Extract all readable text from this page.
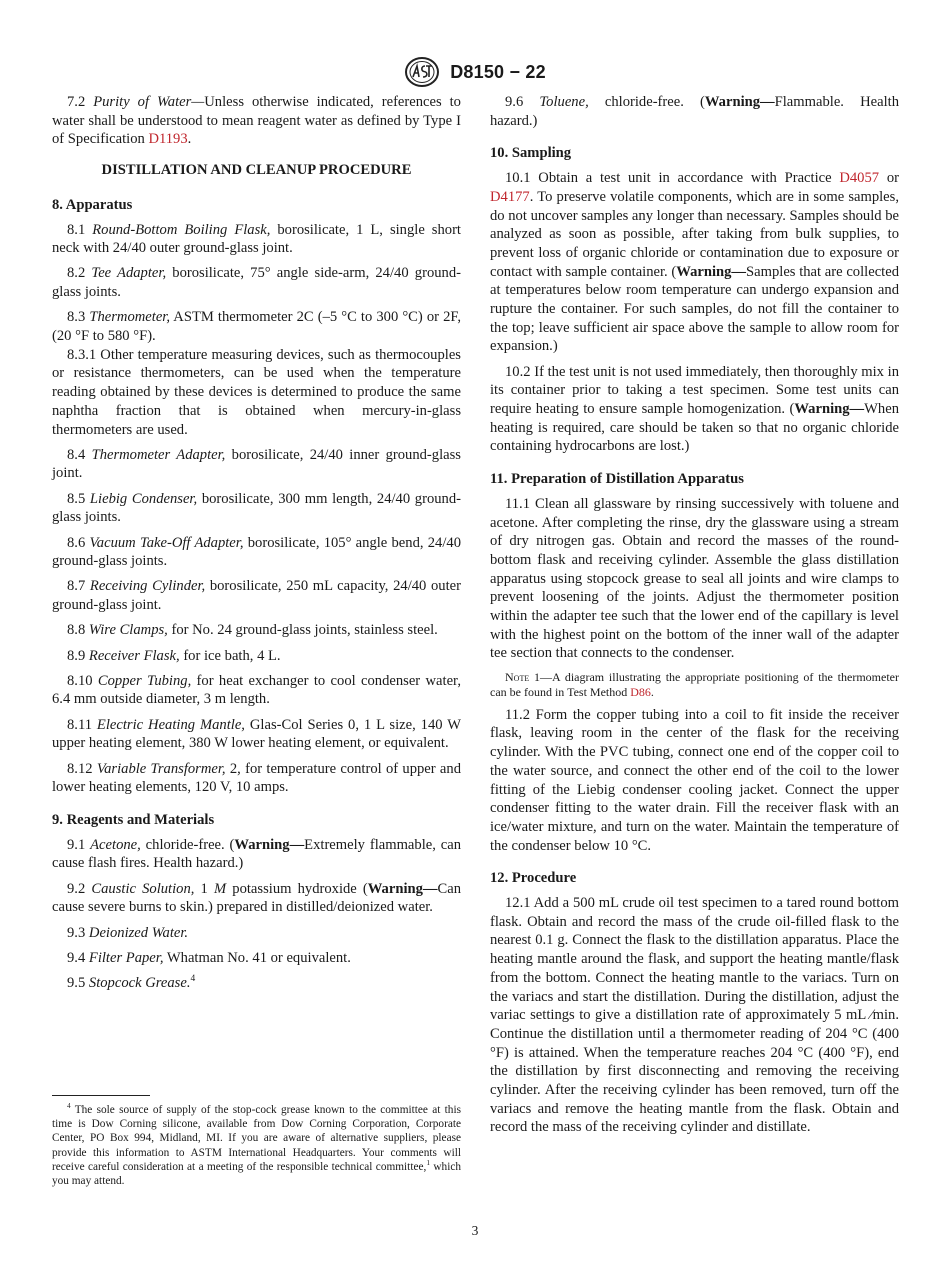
D8150 − 22

7.2 Purity of Water—Unless otherwise indicated, references to water shall be understood to mean reagent water as defined by Type I of Specification D1193.

DISTILLATION AND CLEANUP PROCEDURE
8. Apparatus

8.1 Round-Bottom Boiling Flask, borosilicate, 1 L, single short neck with 24/40 outer ground-glass joint.

8.2 Tee Adapter, borosilicate, 75° angle side-arm, 24/40 ground-glass joints.

8.3 Thermometer, ASTM thermometer 2C (–5 °C to 300 °C) or 2F, (20 °F to 580 °F).

8.3.1 Other temperature measuring devices, such as thermocouples or resistance thermometers, can be used when the temperature reading obtained by these devices is determined to produce the same naphtha fraction that is obtained when mercury-in-glass thermometers are used.

8.4 Thermometer Adapter, borosilicate, 24/40 inner ground-glass joint.

8.5 Liebig Condenser, borosilicate, 300 mm length, 24/40 ground-glass joints.

8.6 Vacuum Take-Off Adapter, borosilicate, 105° angle bend, 24/40 ground-glass joints.

8.7 Receiving Cylinder, borosilicate, 250 mL capacity, 24/40 outer ground-glass joint.

8.8 Wire Clamps, for No. 24 ground-glass joints, stainless steel.

8.9 Receiver Flask, for ice bath, 4 L.

8.10 Copper Tubing, for heat exchanger to cool condenser water, 6.4 mm outside diameter, 3 m length.

8.11 Electric Heating Mantle, Glas-Col Series 0, 1 L size, 140 W upper heating element, 380 W lower heating element, or equivalent.

8.12 Variable Transformer, 2, for temperature control of upper and lower heating elements, 120 V, 10 amps.

9. Reagents and Materials

9.1 Acetone, chloride-free. (Warning—Extremely flammable, can cause flash fires. Health hazard.)

9.2 Caustic Solution, 1 M potassium hydroxide (Warning—Can cause severe burns to skin.) prepared in distilled/deionized water.

9.3 Deionized Water.

9.4 Filter Paper, Whatman No. 41 or equivalent.

9.5 Stopcock Grease.$^4$

$^4$ The sole source of supply of the stop-cock grease known to the committee at this time is Dow Corning silicone, available from Dow Corning Corporation, Corporate Center, PO Box 994, Midland, MI. If you are aware of alternative suppliers, please provide this information to ASTM International Headquarters. Your comments will receive careful consideration at a meeting of the responsible technical committee,$^1$ which you may attend.

9.6 Toluene, chloride-free. (Warning—Flammable. Health hazard.)

10. Sampling

10.1 Obtain a test unit in accordance with Practice D4057 or D4177. To preserve volatile components, which are in some samples, do not uncover samples any longer than necessary. Samples should be analyzed as soon as possible, after taking from bulk supplies, to prevent loss of organic chloride or contamination due to exposure or contact with sample container. (Warning—Samples that are collected at temperatures below room temperature can undergo expansion and rupture the container. For such samples, do not fill the container to the top; leave sufficient air space above the sample to allow room for expansion.)

10.2 If the test unit is not used immediately, then thoroughly mix in its container prior to taking a test specimen. Some test units can require heating to ensure sample homogenization. (Warning—When heating is required, care should be taken so that no organic chloride containing hydrocarbons are lost.)

11. Preparation of Distillation Apparatus

11.1 Clean all glassware by rinsing successively with toluene and acetone. After completing the rinse, dry the glassware using a stream of dry nitrogen gas. Obtain and record the masses of the round-bottom flask and receiving cylinder. Assemble the glass distillation apparatus using stopcock grease to seal all joints and wire clamps to prevent loosening of the joints. Adjust the thermometer position within the adapter tee such that the lower end of the capillary is level with the highest point on the bottom of the inner wall of the adapter tee section that connects to the condenser.

Note 1—A diagram illustrating the appropriate positioning of the thermometer can be found in Test Method D86.

11.2 Form the copper tubing into a coil to fit inside the receiver flask, leaving room in the center of the flask for the receiving cylinder. With the PVC tubing, connect one end of the copper coil to the water source, and connect the other end of the coil to the lower fitting of the Liebig condenser cooling jacket. Connect the upper condenser fitting to the water drain. Fill the receiver flask with an ice/water mixture, and turn on the water. Maintain the temperature of the condenser below 10 °C.

12. Procedure

12.1 Add a 500 mL crude oil test specimen to a tared round bottom flask. Obtain and record the mass of the crude oil-filled flask to the nearest 0.1 g. Connect the flask to the distillation apparatus. Place the heating mantle around the flask, and support the heating mantle/flask from the bottom. Connect the heating mantle to the variacs. Turn on the variacs and start the distillation. During the distillation, adjust the variac settings to give a distillation rate of approximately 5 mL ⁄min. Continue the distillation until a thermometer reading of 204 °C (400 °F) is attained. When the temperature reaches 204 °C (400 °F), end the distillation by first disconnecting and removing the receiving cylinder. After the receiving cylinder has been removed, turn off the variacs and remove the heating mantle from the flask. Obtain and record the mass of the receiving cylinder and distillate.

3
